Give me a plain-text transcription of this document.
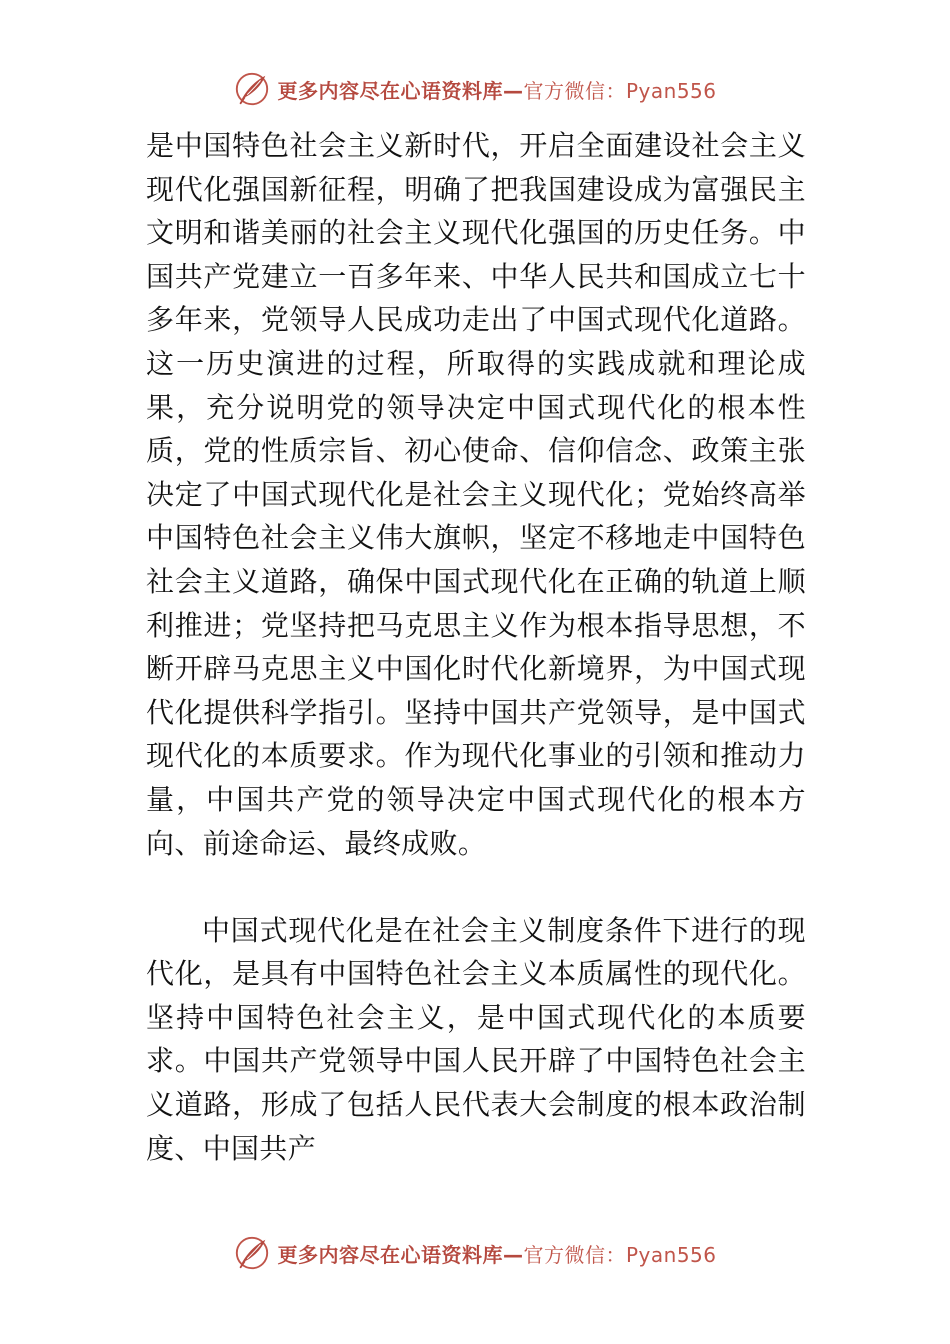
更多内容尽在心语资料库—官方微信：Pyan556

是中国特色社会主义新时代，开启全面建设社会主义现代化强国新征程，明确了把我国建设成为富强民主文明和谐美丽的社会主义现代化强国的历史任务。中国共产党建立一百多年来、中华人民共和国成立七十多年来，党领导人民成功走出了中国式现代化道路。这一历史演进的过程，所取得的实践成就和理论成果，充分说明党的领导决定中国式现代化的根本性质，党的性质宗旨、初心使命、信仰信念、政策主张决定了中国式现代化是社会主义现代化；党始终高举中国特色社会主义伟大旗帜，坚定不移地走中国特色社会主义道路，确保中国式现代化在正确的轨道上顺利推进；党坚持把马克思主义作为根本指导思想，不断开辟马克思主义中国化时代化新境界，为中国式现代化提供科学指引。坚持中国共产党领导，是中国式现代化的本质要求。作为现代化事业的引领和推动力量，中国共产党的领导决定中国式现代化的根本方向、前途命运、最终成败。

中国式现代化是在社会主义制度条件下进行的现代化，是具有中国特色社会主义本质属性的现代化。坚持中国特色社会主义，是中国式现代化的本质要求。中国共产党领导中国人民开辟了中国特色社会主义道路，形成了包括人民代表大会制度的根本政治制度、中国共产

更多内容尽在心语资料库—官方微信：Pyan556
